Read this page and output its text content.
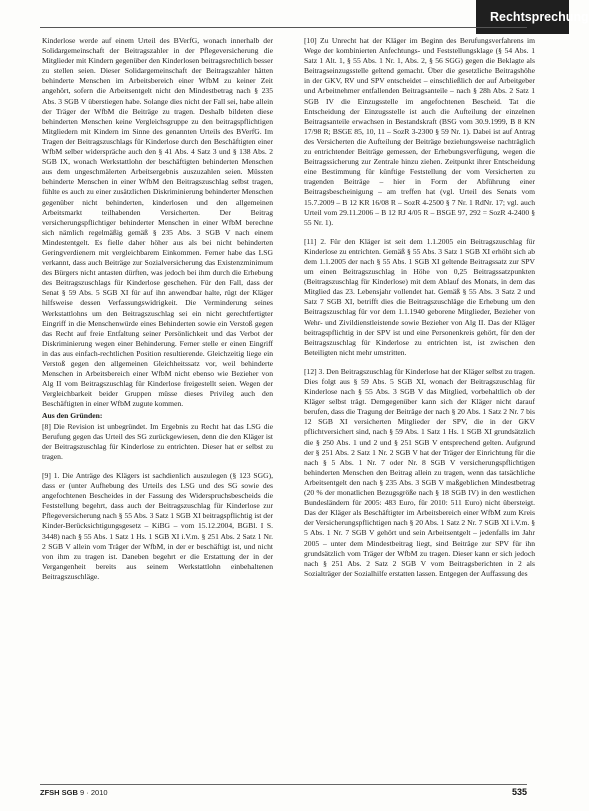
Rechtsprechung

Kinderlose werde auf einem Urteil des BVerfG, wonach innerhalb der Solidargemeinschaft der Beitragszahler in der Pflegeversicherung die Mitglieder mit Kindern gegenüber den Kinderlosen beitragsrechtlich besser zu stellen seien. Dieser Solidargemeinschaft der Beitragszahler hätten behinderte Menschen im Arbeitsbereich einer WfbM zu keiner Zeit angehört, sofern die Arbeitsentgelt nicht den Mindestbetrag nach § 235 Abs. 3 SGB V überstiegen habe. Solange dies nicht der Fall sei, habe allein der Träger der WfbM die Beiträge zu tragen. Deshalb bildeten diese behinderten Menschen keine Vergleichsgruppe zu den beitragspflichtigen Mitgliedern mit Kindern im Sinne des genannten Urteils des BVerfG. Im Tragen der Beitragszuschlags für Kinderlose durch den Beschäftigten einer WfbM selber widerspräche auch den § 41 Abs. 4 Satz 3 und § 138 Abs. 2 SGB IX, wonach Werkstattlohn der beschäftigten behinderten Menschen aus dem ungeschmälerten Arbeitsergebnis auszuzahlen seien. Müssten behinderte Menschen in einer WfbM den Beitragszuschlag selbst tragen, fühlte es auch zu einer zusätzlichen Diskriminierung behinderter Menschen gegenüber nicht behinderten, kinderlosen und den allgemeinen Arbeitsmarkt teilhabenden Versicherten. Der Beitrag versicherungspflichtiger behinderter Menschen in einer WfbM berechne sich nämlich regelmäßig gemäß § 235 Abs. 3 SGB V nach einem Mindestentgelt. Es fielle daher höher aus als bei nicht behinderten Geringverdienern mit vergleichbarem Einkommen. Ferner habe das LSG verkannt, dass auch Beiträge zur Sozialversicherung das Existenzminimum des Bürgers nicht antasten dürften, was jedoch bei ihm durch die Erhebung des Beitragszuschlags für Kinderlose geschehen. Für den Fall, dass der Senat § 59 Abs. 5 SGB XI für auf ihn anwendbar halte, rügt der Kläger hilfsweise dessen Verfassungswidrigkeit. Die Verminderung seines Werkstattlohns um den Beitragszuschlag sei ein nicht gerechtfertigter Eingriff in die Menschenwürde eines Behinderten sowie ein Verstoß gegen das Recht auf freie Entfaltung seiner Persönlichkeit und das Verbot der Diskriminierung wegen einer Behinderung. Ferner stelle er einen Eingriff in das aus einfach-rechtlichen Position resultierende. Gleichzeitig liege ein Verstoß gegen den allgemeinen Gleichheitssatz vor, weil behinderte Menschen in Arbeitsbereich einer WfbM nicht ebenso wie Bezieher von Alg II vom Beitragszuschlag für Kinderlose freigestellt seien. Wegen der Vergleichbarkeit beider Gruppen müsse dieses Privileg auch den Beschäftigten in einer WfbM zugute kommen.

Aus den Gründen:

[8] Die Revision ist unbegründet. Im Ergebnis zu Recht hat das LSG die Berufung gegen das Urteil des SG zurückgewiesen, denn die den Kläger ist der Beitragszuschlag für Kinderlose zu entrichten. Dieser hat er selbst zu tragen.

[9] 1. Die Anträge des Klägers ist sachdienlich auszulegen (§ 123 SGG), dass er (unter Aufhebung des Urteils des LSG und des SG sowie des angefochtenen Bescheides in der Fassung des Widerspruchsbescheids die Feststellung begehrt, dass auch der Beitragszuschlag für Kinderlose zur Pflegeversicherung nach § 55 Abs. 3 Satz 1 SGB XI beitragspflichtig ist der Kinder-Berücksichtigungsgesetz – KiBG – vom 15.12.2004, BGBl. I S. 3448) nach § 55 Abs. 1 Satz 1 Hs. 1 SGB XI i.V.m. § 251 Abs. 2 Satz 1 Nr. 2 SGB V allein vom Träger der WfbM, in der er beschäftigt ist, und nicht von ihm zu tragen ist. Daneben begehrt er die Erstattung der in der Vergangenheit bereits aus seinem Werkstattlohn einbehaltenen Beitragszuschläge.

[10] Zu Unrecht hat der Kläger im Beginn des Berufungsverfahrens im Wege der kombinierten Anfechtungs- und Feststellungsklage (§ 54 Abs. 1 Satz 1 Alt. 1, § 55 Abs. 1 Nr. 1, Abs. 2, § 56 SGG) gegen die Beklagte als Beitragseinzugsstelle geltend gemacht. Über die gesetzliche Beitragshöhe in der GKV, RV und SPV entscheidet – einschließlich der auf Arbeitgeber und Arbeitnehmer entfallenden Beitragsanteile – nach § 28h Abs. 2 Satz 1 SGB IV die Einzugsstelle im angefochtenen Bescheid. Tat die Entscheidung der Einzugsstelle ist auch die Aufteilung der einzelnen Beitragsanteile erwachsen in Bestandskraft (BSG vom 30.9.1999, B 8 KN 17/98 R; BSGE 85, 10, 11 – SozR 3-2300 § 59 Nr. 1). Dabei ist auf Antrag des Versicherten die Aufteilung der Beiträge beziehungsweise nachträglich zu entrichtender Beiträge gemessen, der Erhebungsverfügung, wegen die Beitragssicherung zur Zentrale hinzu ziehen. Zeitpunkt ihrer Entscheidung eine Bestimmung für künftige Feststellung der vom Versicherten zu tragenden Beiträge – hier in Form der Abführung einer Beitragsbescheinigung – am treffen hat (vgl. Urteil des Senats vom 15.7.2009 – B 12 KR 16/08 R – SozR 4-2500 § 7 Nr. 1 RdNr. 17; vgl. auch Urteil vom 29.11.2006 – B 12 RJ 4/05 R – BSGE 97, 292 = SozR 4-2400 § 55 Nr. 1).

[11] 2. Für den Kläger ist seit dem 1.1.2005 ein Beitragszuschlag für Kinderlose zu entrichten. Gemäß § 55 Abs. 3 Satz 1 SGB XI erhöht sich ab dem 1.1.2005 der nach § 55 Abs. 1 SGB XI geltende Beitragssatz zur SPV um einen Beitragszuschlag in Höhe von 0,25 Beitragssatzpunkten (Beitragszuschlag für Kinderlose) mit dem Ablauf des Monats, in dem das Mitglied das 23. Lebensjahr vollendet hat. Gemäß § 55 Abs. 3 Satz 2 und Satz 7 SGB XI, betrifft dies die Beitragszuschläge die Erhebung um den Beitragszuschlag für vor dem 1.1.1940 geborene Mitglieder, Bezieher von Wehr- und Zivildienstleistende sowie Bezieher von Alg II. Das der Kläger beitragspflichtig in der SPV ist und eine Personenkreis gehört, für den der Beitragszuschlag für Kinderlose zu entrichten ist, ist zwischen den Beteiligten nicht mehr umstritten.

[12] 3. Den Beitragszuschlag für Kinderlose hat der Kläger selbst zu tragen. Dies folgt aus § 59 Abs. 5 SGB XI, wonach der Beitragszuschlag für Kinderlose nach § 55 Abs. 3 SGB V das Mitglied, vorbehaltlich ob der Kläger selbst trägt. Demgegenüber kann sich der Kläger nicht darauf berufen, dass die Tragung der Beiträge der nach § 20 Abs. 1 Satz 2 Nr. 7 bis 12 SGB XI versicherten Mitglieder der SPV, die in der GKV pflichtversichert sind, nach § 59 Abs. 1 Satz 1 Hs. 1 SGB XI grundsätzlich die § 250 Abs. 1 und 2 und § 251 SGB V entsprechend gelten. Aufgrund der § 251 Abs. 2 Satz 1 Nr. 2 SGB V hat der Träger der Einrichtung für die nach § 5 Abs. 1 Nr. 7 oder Nr. 8 SGB V versicherungspflichtigen behinderten Menschen den Beitrag allein zu tragen, wenn das tatsächliche Arbeitsentgelt den nach § 235 Abs. 3 SGB V maßgeblichen Mindestbetrag (20 % der monatlichen Bezugsgröße nach § 18 SGB IV) in den westlichen Bundesländern für 2005: 483 Euro, für 2010: 511 Euro) nicht übersteigt. Das der Kläger als Beschäftigter im Arbeitsbereich einer WfbM zum Kreis der Versicherungspflichtigen nach § 20 Abs. 1 Satz 2 Nr. 7 SGB XI i.V.m. § 5 Abs. 1 Nr. 7 SGB V gehört und sein Arbeitsentgelt – jedenfalls im Jahr 2005 – unter dem Mindestbeitrag liegt, sind Beiträge zur SPV für ihn grundsätzlich vom Träger der WfbM zu tragen. Dieser kann er sich jedoch nach § 251 Abs. 2 Satz 2 SGB V vom Beitragsberichten in 2 als Sozialträger der Sozialhilfe erstatten lassen. Entgegen der Auffassung des

ZFSH SGB 9 · 2010	535
